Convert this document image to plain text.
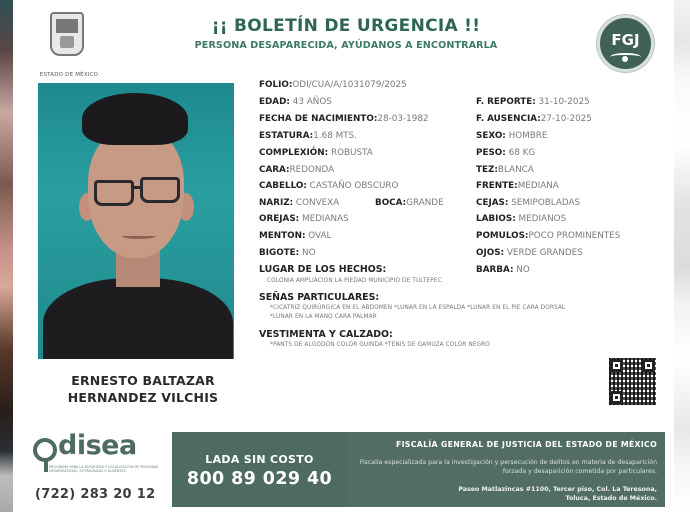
ESTADO DE MÉXICO
¡¡ BOLETÍN DE URGENCIA !!
PERSONA DESAPARECIDA, AYÚDANOS A ENCONTRARLA	FGJ
ERNESTO BALTAZAR
HERNANDEZ VILCHIS
FOLIO:ODI/CUA/A/1031079/2025
EDAD: 43 AÑOS
FECHA DE NACIMIENTO:28-03-1982
ESTATURA:1.68 MTS.
COMPLEXIÓN: ROBUSTA
CARA:REDONDA
CABELLO: CASTAÑO OBSCURO
NARIZ: CONVEXA	BOCA:GRANDE
OREJAS: MEDIANAS
MENTON: OVAL
BIGOTE: NO
F. REPORTE: 31-10-2025
F. AUSENCIA:27-10-2025
SEXO: HOMBRE
PESO: 68 KG
TEZ:BLANCA
FRENTE:MEDIANA
CEJAS: SEMIPOBLADAS
LABIOS: MEDIANOS
POMULOS:POCO PROMINENTES
OJOS: VERDE GRANDES
BARBA: NO
LUGAR DE LOS HECHOS:
COLONIA AMPLIACION LA PIEDAD MUNICIPIO DE TULTEPEC
SEÑAS PARTICULARES:
*CICATRIZ QUIRÚRGICA EN EL ABDOMEN *LUNAR EN LA ESPALDA *LUNAR EN EL PIE CARA DORSAL
*LUNAR EN LA MANO CARA PALMAR
VESTIMENTA Y CALZADO:
*PANTS DE ALGODÓN COLOR GUINDA *TENIS DE GAMUZA COLOR NEGRO
disea
PROGRAMA PARA LA BÚSQUEDA Y LOCALIZACIÓN DE PERSONAS DESAPARECIDAS, EXTRAVIADAS O AUSENTES
(722) 283 20 12
LADA SIN COSTO
800 89 029 40
FISCALÍA GENERAL DE JUSTICIA DEL ESTADO DE MÉXICO
Fiscalía especializada para la investigación y persecución de delitos en materia de desaparición forzada y desaparición cometida por particulares.
Paseo Matlazincas #1100, Tercer piso, Col. La Teresona,
Toluca, Estado de México.
